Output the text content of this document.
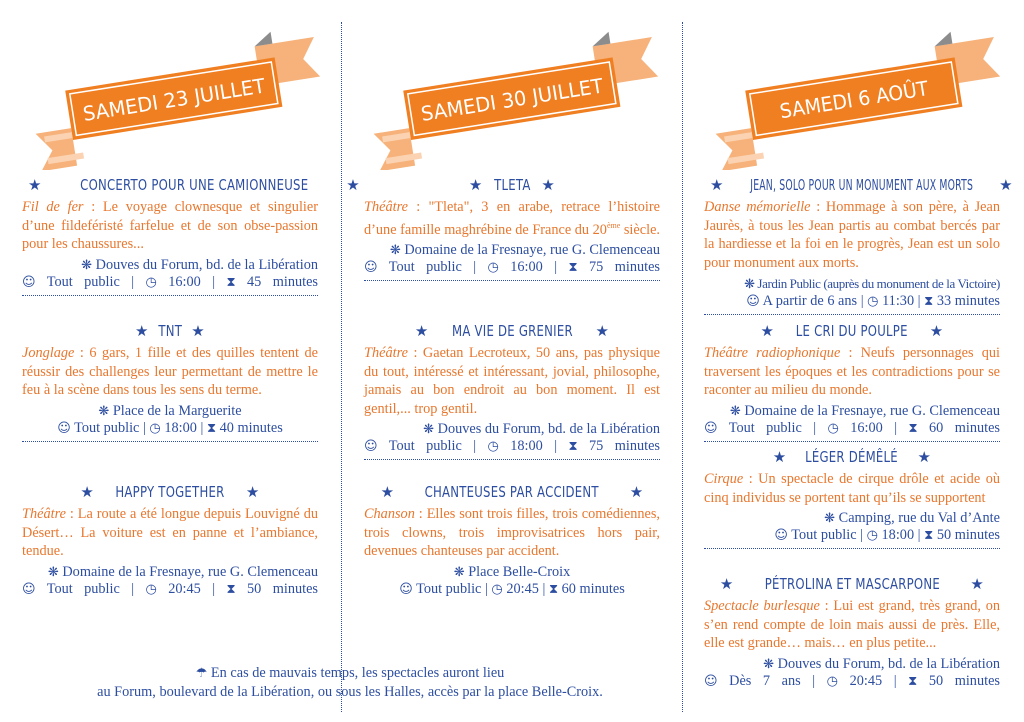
SAMEDI 23 JUILLET
★	CONCERTO POUR UNE CAMIONNEUSE	★
Fil de fer : Le voyage clownesque et singulier d’une fildeféristé farfelue et de son obse-passion pour les chaussures...
❋ Douves du Forum, bd. de la Libération
☺ Tout public | ◷ 16:00 | ⧗ 45 minutes
★ TNT ★
Jonglage : 6 gars, 1 fille et des quilles tentent de réussir des challenges leur permettant de mettre le feu à la scène dans tous les sens du terme.
❋ Place de la Marguerite
☺ Tout public | ◷ 18:00 | ⧗ 40 minutes
★ HAPPY TOGETHER ★
Théâtre : La route a été longue depuis Louvigné du Désert… La voiture est en panne et l’ambiance, tendue.
❋ Domaine de la Fresnaye, rue G. Clemenceau
☺ Tout public | ◷ 20:45 | ⧗ 50 minutes
SAMEDI 30 JUILLET
★ TLETA ★
Théâtre : "Tleta", 3 en arabe, retrace l’histoire d’une famille maghrébine de France du 20ème siècle.
❋ Domaine de la Fresnaye, rue G. Clemenceau
☺ Tout public | ◷ 16:00 | ⧗ 75 minutes
★ MA VIE DE GRENIER ★
Théâtre : Gaetan Lecroteux, 50 ans, pas physique du tout, intéressé et intéressant, jovial, philosophe, jamais au bon endroit au bon moment. Il est gentil,... trop gentil.
❋ Douves du Forum, bd. de la Libération
☺ Tout public | ◷ 18:00 | ⧗ 75 minutes
★ CHANTEUSES PAR ACCIDENT ★
Chanson : Elles sont trois filles, trois comédiennes, trois clowns, trois improvisatrices hors pair, devenues chanteuses par accident.
❋ Place Belle-Croix
☺ Tout public | ◷ 20:45 | ⧗ 60 minutes
SAMEDI 6 AOÛT
★ JEAN, SOLO POUR UN MONUMENT AUX MORTS ★
Danse mémorielle : Hommage à son père, à Jean Jaurès, à tous les Jean partis au combat bercés par la hardiesse et la foi en le progrès, Jean est un solo pour monument aux morts.
❋ Jardin Public (auprès du monument de la Victoire)
☺ A partir de 6 ans | ◷ 11:30 | ⧗ 33 minutes
★ LE CRI DU POULPE ★
Théâtre radiophonique : Neufs personnages qui traversent les époques et les contradictions pour se raconter au milieu du monde.
❋ Domaine de la Fresnaye, rue G. Clemenceau
☺ Tout public | ◷ 16:00 | ⧗ 60 minutes
★ LÉGER DÉMÊLÉ ★
Cirque : Un spectacle de cirque drôle et acide où cinq individus se portent tant qu’ils se supportent
❋ Camping, rue du Val d’Ante
☺ Tout public | ◷ 18:00 | ⧗ 50 minutes
★ PÉTROLINA ET MASCARPONE ★
Spectacle burlesque : Lui est grand, très grand, on s’en rend compte de loin mais aussi de près. Elle, elle est grande… mais… en plus petite...
❋ Douves du Forum, bd. de la Libération
☺ Dès 7 ans | ◷ 20:45 | ⧗ 50 minutes
☂ En cas de mauvais temps, les spectacles auront lieu
au Forum, boulevard de la Libération, ou sous les Halles, accès par la place Belle-Croix.
